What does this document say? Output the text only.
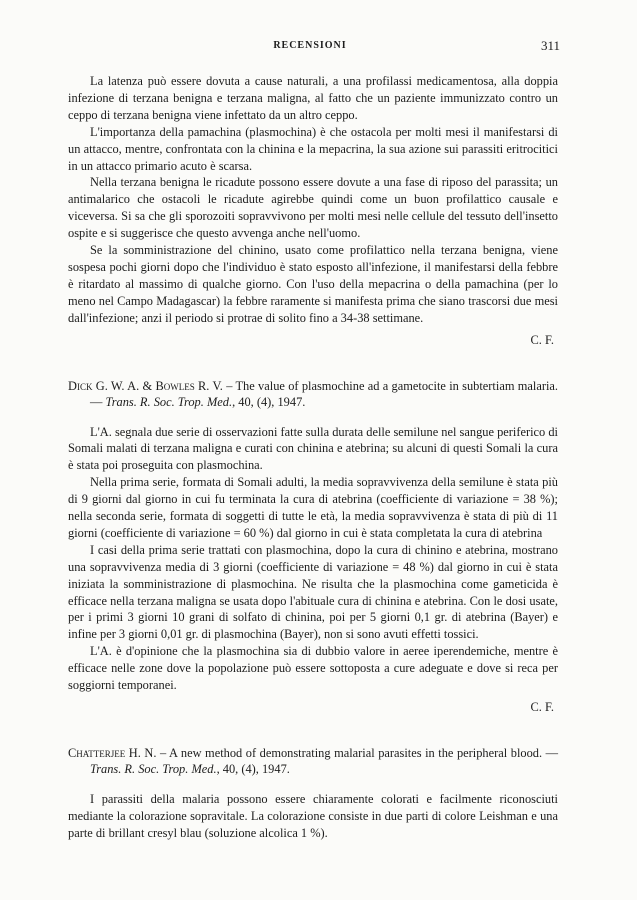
RECENSIONI	311

La latenza può essere dovuta a cause naturali, a una profilassi medicamentosa, alla doppia infezione di terzana benigna e terzana maligna, al fatto che un paziente immunizzato contro un ceppo di terzana benigna viene infettato da un altro ceppo.

L'importanza della pamachina (plasmochina) è che ostacola per molti mesi il manifestarsi di un attacco, mentre, confrontata con la chinina e la mepacrina, la sua azione sui parassiti eritrocitici in un attacco primario acuto è scarsa.

Nella terzana benigna le ricadute possono essere dovute a una fase di riposo del parassita; un antimalarico che ostacoli le ricadute agirebbe quindi come un buon profilattico causale e viceversa. Si sa che gli sporozoiti sopravvivono per molti mesi nelle cellule del tessuto dell'insetto ospite e si suggerisce che questo avvenga anche nell'uomo.

Se la somministrazione del chinino, usato come profilattico nella terzana benigna, viene sospesa pochi giorni dopo che l'individuo è stato esposto all'infezione, il manifestarsi della febbre è ritardato al massimo di qualche giorno. Con l'uso della mepacrina o della pamachina (per lo meno nel Campo Madagascar) la febbre raramente si manifesta prima che siano trascorsi due mesi dall'infezione; anzi il periodo si protrae di solito fino a 34-38 settimane.

C. F.
Dick G. W. A. & Bowles R. V. – The value of plasmochine ad a gametocite in subtertiam malaria. — Trans. R. Soc. Trop. Med., 40, (4), 1947.

L'A. segnala due serie di osservazioni fatte sulla durata delle semilune nel sangue periferico di Somali malati di terzana maligna e curati con chinina e atebrina; su alcuni di questi Somali la cura è stata poi proseguita con plasmochina.

Nella prima serie, formata di Somali adulti, la media sopravvivenza della semilune è stata più di 9 giorni dal giorno in cui fu terminata la cura di atebrina (coefficiente di variazione = 38 %); nella seconda serie, formata di soggetti di tutte le età, la media sopravvivenza è stata di più di 11 giorni (coefficiente di variazione = 60 %) dal giorno in cui è stata completata la cura di atebrina

I casi della prima serie trattati con plasmochina, dopo la cura di chinino e atebrina, mostrano una sopravvivenza media di 3 giorni (coefficiente di variazione = 48 %) dal giorno in cui è stata iniziata la somministrazione di plasmochina. Ne risulta che la plasmochina come gameticida è efficace nella terzana maligna se usata dopo l'abituale cura di chinina e atebrina. Con le dosi usate, per i primi 3 giorni 10 grani di solfato di chinina, poi per 5 giorni 0,1 gr. di atebrina (Bayer) e infine per 3 giorni 0,01 gr. di plasmochina (Bayer), non si sono avuti effetti tossici.

L'A. è d'opinione che la plasmochina sia di dubbio valore in aeree iperendemiche, mentre è efficace nelle zone dove la popolazione può essere sottoposta a cure adeguate e dove si reca per soggiorni temporanei.

C. F.
Chatterjee H. N. – A new method of demonstrating malarial parasites in the peripheral blood. — Trans. R. Soc. Trop. Med., 40, (4), 1947.

I parassiti della malaria possono essere chiaramente colorati e facilmente riconosciuti mediante la colorazione sopravitale. La colorazione consiste in due parti di colore Leishman e una parte di brillant cresyl blau (soluzione alcolica 1 %).
